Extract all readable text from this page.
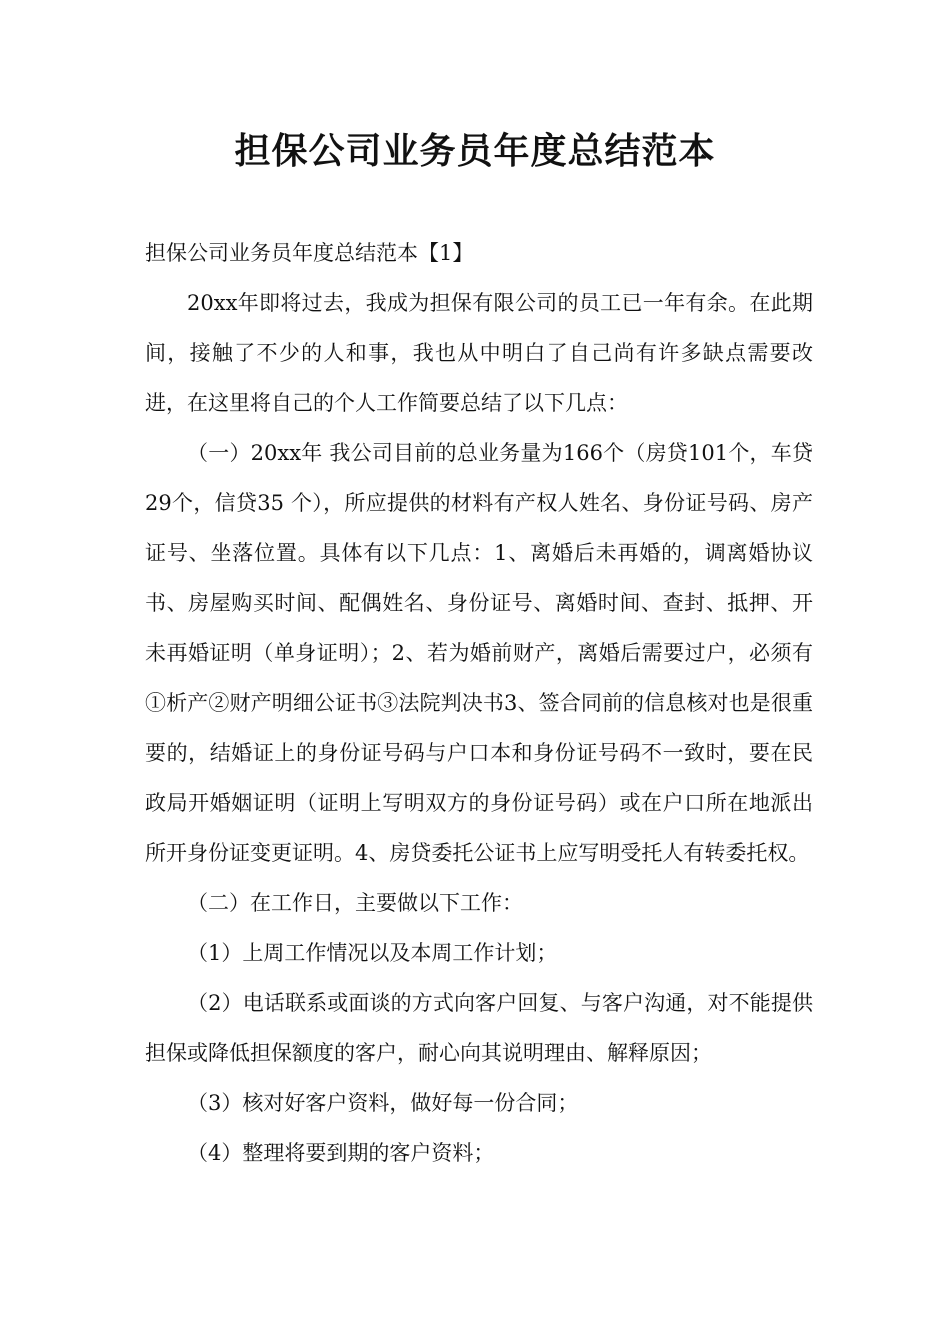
担保公司业务员年度总结范本

担保公司业务员年度总结范本【1】

20xx年即将过去，我成为担保有限公司的员工已一年有余。在此期间，接触了不少的人和事，我也从中明白了自己尚有许多缺点需要改进，在这里将自己的个人工作简要总结了以下几点：

（一）20xx年 我公司目前的总业务量为166个（房贷101个，车贷29个，信贷35 个），所应提供的材料有产权人姓名、身份证号码、房产证号、坐落位置。具体有以下几点：1、离婚后未再婚的，调离婚协议书、房屋购买时间、配偶姓名、身份证号、离婚时间、查封、抵押、开未再婚证明（单身证明）；2、若为婚前财产，离婚后需要过户，必须有①析产②财产明细公证书③法院判决书3、签合同前的信息核对也是很重要的，结婚证上的身份证号码与户口本和身份证号码不一致时，要在民政局开婚姻证明（证明上写明双方的身份证号码）或在户口所在地派出所开身份证变更证明。4、房贷委托公证书上应写明受托人有转委托权。

（二）在工作日，主要做以下工作：

（1）上周工作情况以及本周工作计划；

（2）电话联系或面谈的方式向客户回复、与客户沟通，对不能提供担保或降低担保额度的客户，耐心向其说明理由、解释原因；

（3）核对好客户资料，做好每一份合同；

（4）整理将要到期的客户资料；
